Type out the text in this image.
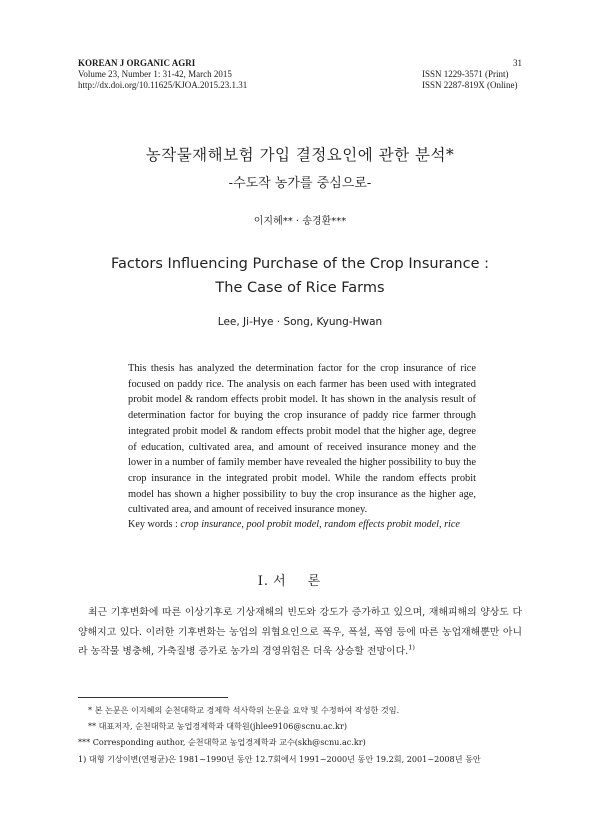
KOREAN J ORGANIC AGRI
Volume 23, Number 1: 31-42, March 2015
http://dx.doi.org/10.11625/KJOA.2015.23.1.31
31
ISSN 1229-3571 (Print)
ISSN 2287-819X (Online)
농작물재해보험 가입 결정요인에 관한 분석*
-수도작 농가를 중심으로-
이지혜** · 송경환***
Factors Influencing Purchase of the Crop Insurance :
The Case of Rice Farms
Lee, Ji-Hye · Song, Kyung-Hwan
This thesis has analyzed the determination factor for the crop insurance of rice focused on paddy rice. The analysis on each farmer has been used with integrated probit model & random effects probit model. It has shown in the analysis result of determination factor for buying the crop insurance of paddy rice farmer through integrated probit model & random effects probit model that the higher age, degree of education, cultivated area, and amount of received insurance money and the lower in a number of family member have revealed the higher possibility to buy the crop insurance in the integrated probit model. While the random effects probit model has shown a higher possibility to buy the crop insurance as the higher age, cultivated area, and amount of received insurance money.
Key words : crop insurance, pool probit model, random effects probit model, rice
Ⅰ. 서론
최근 기후변화에 따른 이상기후로 기상재해의 빈도와 강도가 증가하고 있으며, 재해피해의 양상도 다양해지고 있다. 이러한 기후변화는 농업의 위협요인으로 폭우, 폭설, 폭염 등에 따른 농업재해뿐만 아니라 농작물 병충해, 가축질병 증가로 농가의 경영위험은 더욱 상승할 전망이다.$^{1)}$
* 본 논문은 이지혜의 순천대학교 경제학 석사학위 논문을 요약 및 수정하여 작성한 것임.
** 대표저자, 순천대학교 농업경제학과 대학원(jhlee9106@scnu.ac.kr)
*** Corresponding author, 순천대학교 농업경제학과 교수(skh@scnu.ac.kr)
1) 대형 기상이변(연평균)은 1981~1990년 동안 12.7회에서 1991~2000년 동안 19.2회, 2001~2008년 동안
